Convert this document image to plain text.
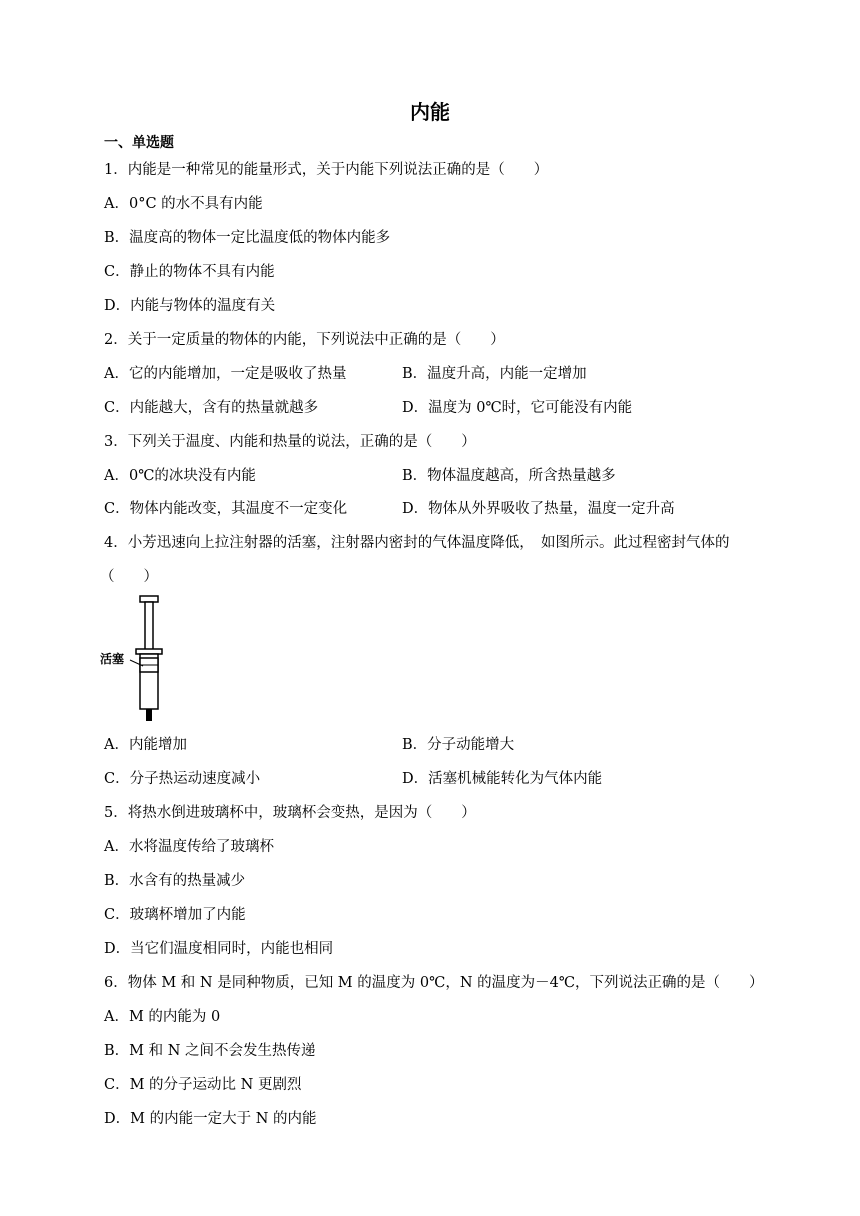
内能
一、单选题
1．内能是一种常见的能量形式，关于内能下列说法正确的是（　　）
A．0°C 的水不具有内能
B．温度高的物体一定比温度低的物体内能多
C．静止的物体不具有内能
D．内能与物体的温度有关
2．关于一定质量的物体的内能，下列说法中正确的是（　　）
A．它的内能增加，一定是吸收了热量	B．温度升高，内能一定增加
C．内能越大，含有的热量就越多	D．温度为 0℃时，它可能没有内能
3．下列关于温度、内能和热量的说法，正确的是（　　）
A．0℃的冰块没有内能	B．物体温度越高，所含热量越多
C．物体内能改变，其温度不一定变化	D．物体从外界吸收了热量，温度一定升高
4．小芳迅速向上拉注射器的活塞，注射器内密封的气体温度降低，　如图所示。此过程密封气体的
（　　）
活塞
A．内能增加	B．分子动能增大
C．分子热运动速度减小	D．活塞机械能转化为气体内能
5．将热水倒进玻璃杯中，玻璃杯会变热，是因为（　　）
A．水将温度传给了玻璃杯
B．水含有的热量减少
C．玻璃杯增加了内能
D．当它们温度相同时，内能也相同
6．物体 M 和 N 是同种物质，已知 M 的温度为 0℃，N 的温度为－4℃，下列说法正确的是（　　）
A．M 的内能为 0
B．M 和 N 之间不会发生热传递
C．M 的分子运动比 N 更剧烈
D．M 的内能一定大于 N 的内能
